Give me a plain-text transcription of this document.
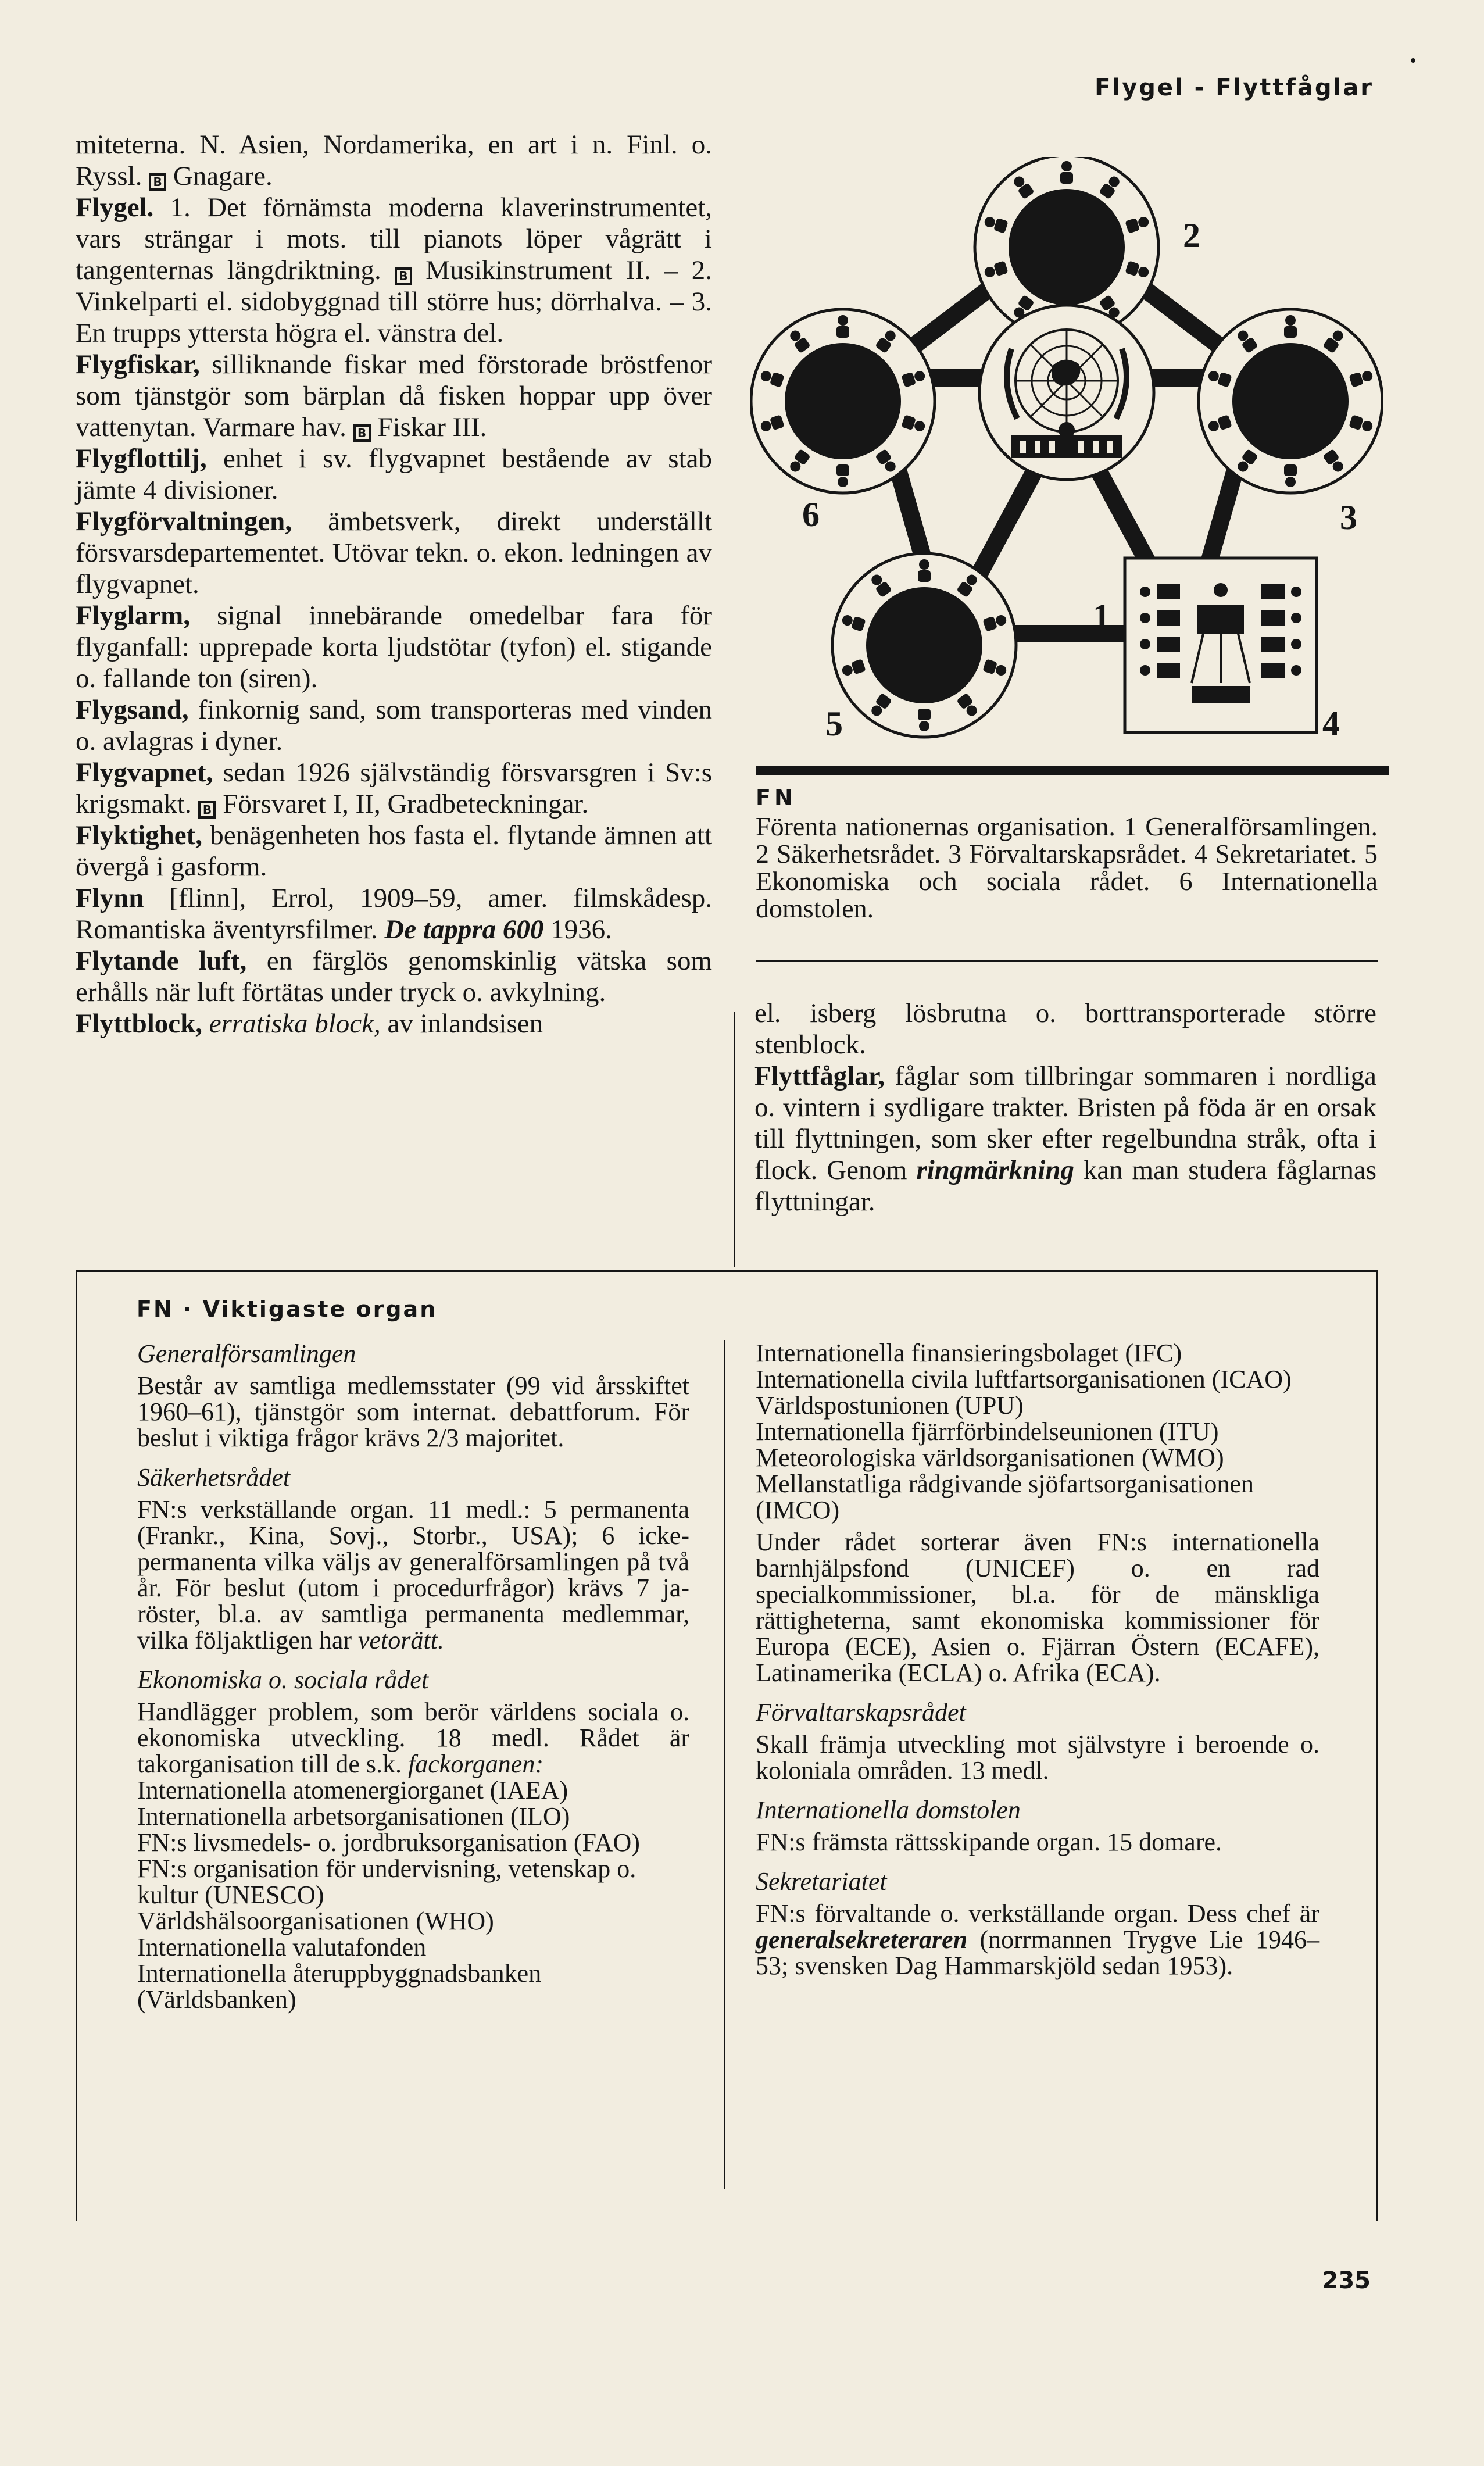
Flygel - Flyttfåglar

miteterna. N. Asien, Nordamerika, en art i n. Finl. o. Ryssl. B Gnagare.

Flygel. 1. Det förnämsta moderna klaverinstrumentet, vars strängar i mots. till pianots löper vågrätt i tangenternas längdriktning. B Musikinstrument II. – 2. Vinkelparti el. sidobyggnad till större hus; dörrhalva. – 3. En trupps yttersta högra el. vänstra del.

Flygfiskar, silliknande fiskar med förstorade bröstfenor som tjänstgör som bärplan då fisken hoppar upp över vattenytan. Varmare hav. B Fiskar III.

Flygflottilj, enhet i sv. flygvapnet bestående av stab jämte 4 divisioner.

Flygförvaltningen, ämbetsverk, direkt underställt försvarsdepartementet. Utövar tekn. o. ekon. ledningen av flygvapnet.

Flyglarm, signal innebärande omedelbar fara för flyganfall: upprepade korta ljudstötar (tyfon) el. stigande o. fallande ton (siren).

Flygsand, finkornig sand, som transporteras med vinden o. avlagras i dyner.

Flygvapnet, sedan 1926 självständig försvarsgren i Sv:s krigsmakt. B Försvaret I, II, Gradbeteckningar.

Flyktighet, benägenheten hos fasta el. flytande ämnen att övergå i gasform.

Flynn [flinn], Errol, 1909–59, amer. filmskådesp. Romantiska äventyrsfilmer. De tappra 600 1936.

Flytande luft, en färglös genomskinlig vätska som erhålls när luft förtätas under tryck o. avkylning.

Flyttblock, erratiska block, av inlandsisen

1
2
3
4
5
6
FN
Förenta nationernas organisation. 1 Generalförsamlingen. 2 Säkerhetsrådet. 3 Förvaltarskapsrådet. 4 Sekretariatet. 5 Ekonomiska och sociala rådet. 6 Internationella domstolen.

el. isberg lösbrutna o. borttransporterade större stenblock.

Flyttfåglar, fåglar som tillbringar sommaren i nordliga o. vintern i sydligare trakter. Bristen på föda är en orsak till flyttningen, som sker efter regelbundna stråk, ofta i flock. Genom ringmärkning kan man studera fåglarnas flyttningar.

FN · Viktigaste organ

Generalförsamlingen

Består av samtliga medlemsstater (99 vid årsskiftet 1960–61), tjänstgör som internat. debattforum. För beslut i viktiga frågor krävs 2/3 majoritet.

Säkerhetsrådet

FN:s verkställande organ. 11 medl.: 5 permanenta (Frankr., Kina, Sovj., Storbr., USA); 6 icke-permanenta vilka väljs av generalförsamlingen på två år. För beslut (utom i procedurfrågor) krävs 7 ja-röster, bl.a. av samtliga permanenta medlemmar, vilka följaktligen har vetorätt.

Ekonomiska o. sociala rådet

Handlägger problem, som berör världens sociala o. ekonomiska utveckling. 18 medl. Rådet är takorganisation till de s.k. fackorganen:

Internationella atomenergiorganet (IAEA)

Internationella arbetsorganisationen (ILO)

FN:s livsmedels- o. jordbruksorganisation (FAO)

FN:s organisation för undervisning, vetenskap o. kultur (UNESCO)

Världshälsoorganisationen (WHO)

Internationella valutafonden

Internationella återuppbyggnadsbanken (Världsbanken)

Internationella finansieringsbolaget (IFC)

Internationella civila luftfartsorganisationen (ICAO)

Världspostunionen (UPU)

Internationella fjärrförbindelseunionen (ITU)

Meteorologiska världsorganisationen (WMO)

Mellanstatliga rådgivande sjöfartsorganisationen (IMCO)

Under rådet sorterar även FN:s internationella barnhjälpsfond (UNICEF) o. en rad specialkommissioner, bl.a. för de mänskliga rättigheterna, samt ekonomiska kommissioner för Europa (ECE), Asien o. Fjärran Östern (ECAFE), Latinamerika (ECLA) o. Afrika (ECA).

Förvaltarskapsrådet

Skall främja utveckling mot självstyre i beroende o. koloniala områden. 13 medl.

Internationella domstolen

FN:s främsta rättsskipande organ. 15 domare.

Sekretariatet

FN:s förvaltande o. verkställande organ. Dess chef är generalsekreteraren (norrmannen Trygve Lie 1946–53; svensken Dag Hammarskjöld sedan 1953).

235
